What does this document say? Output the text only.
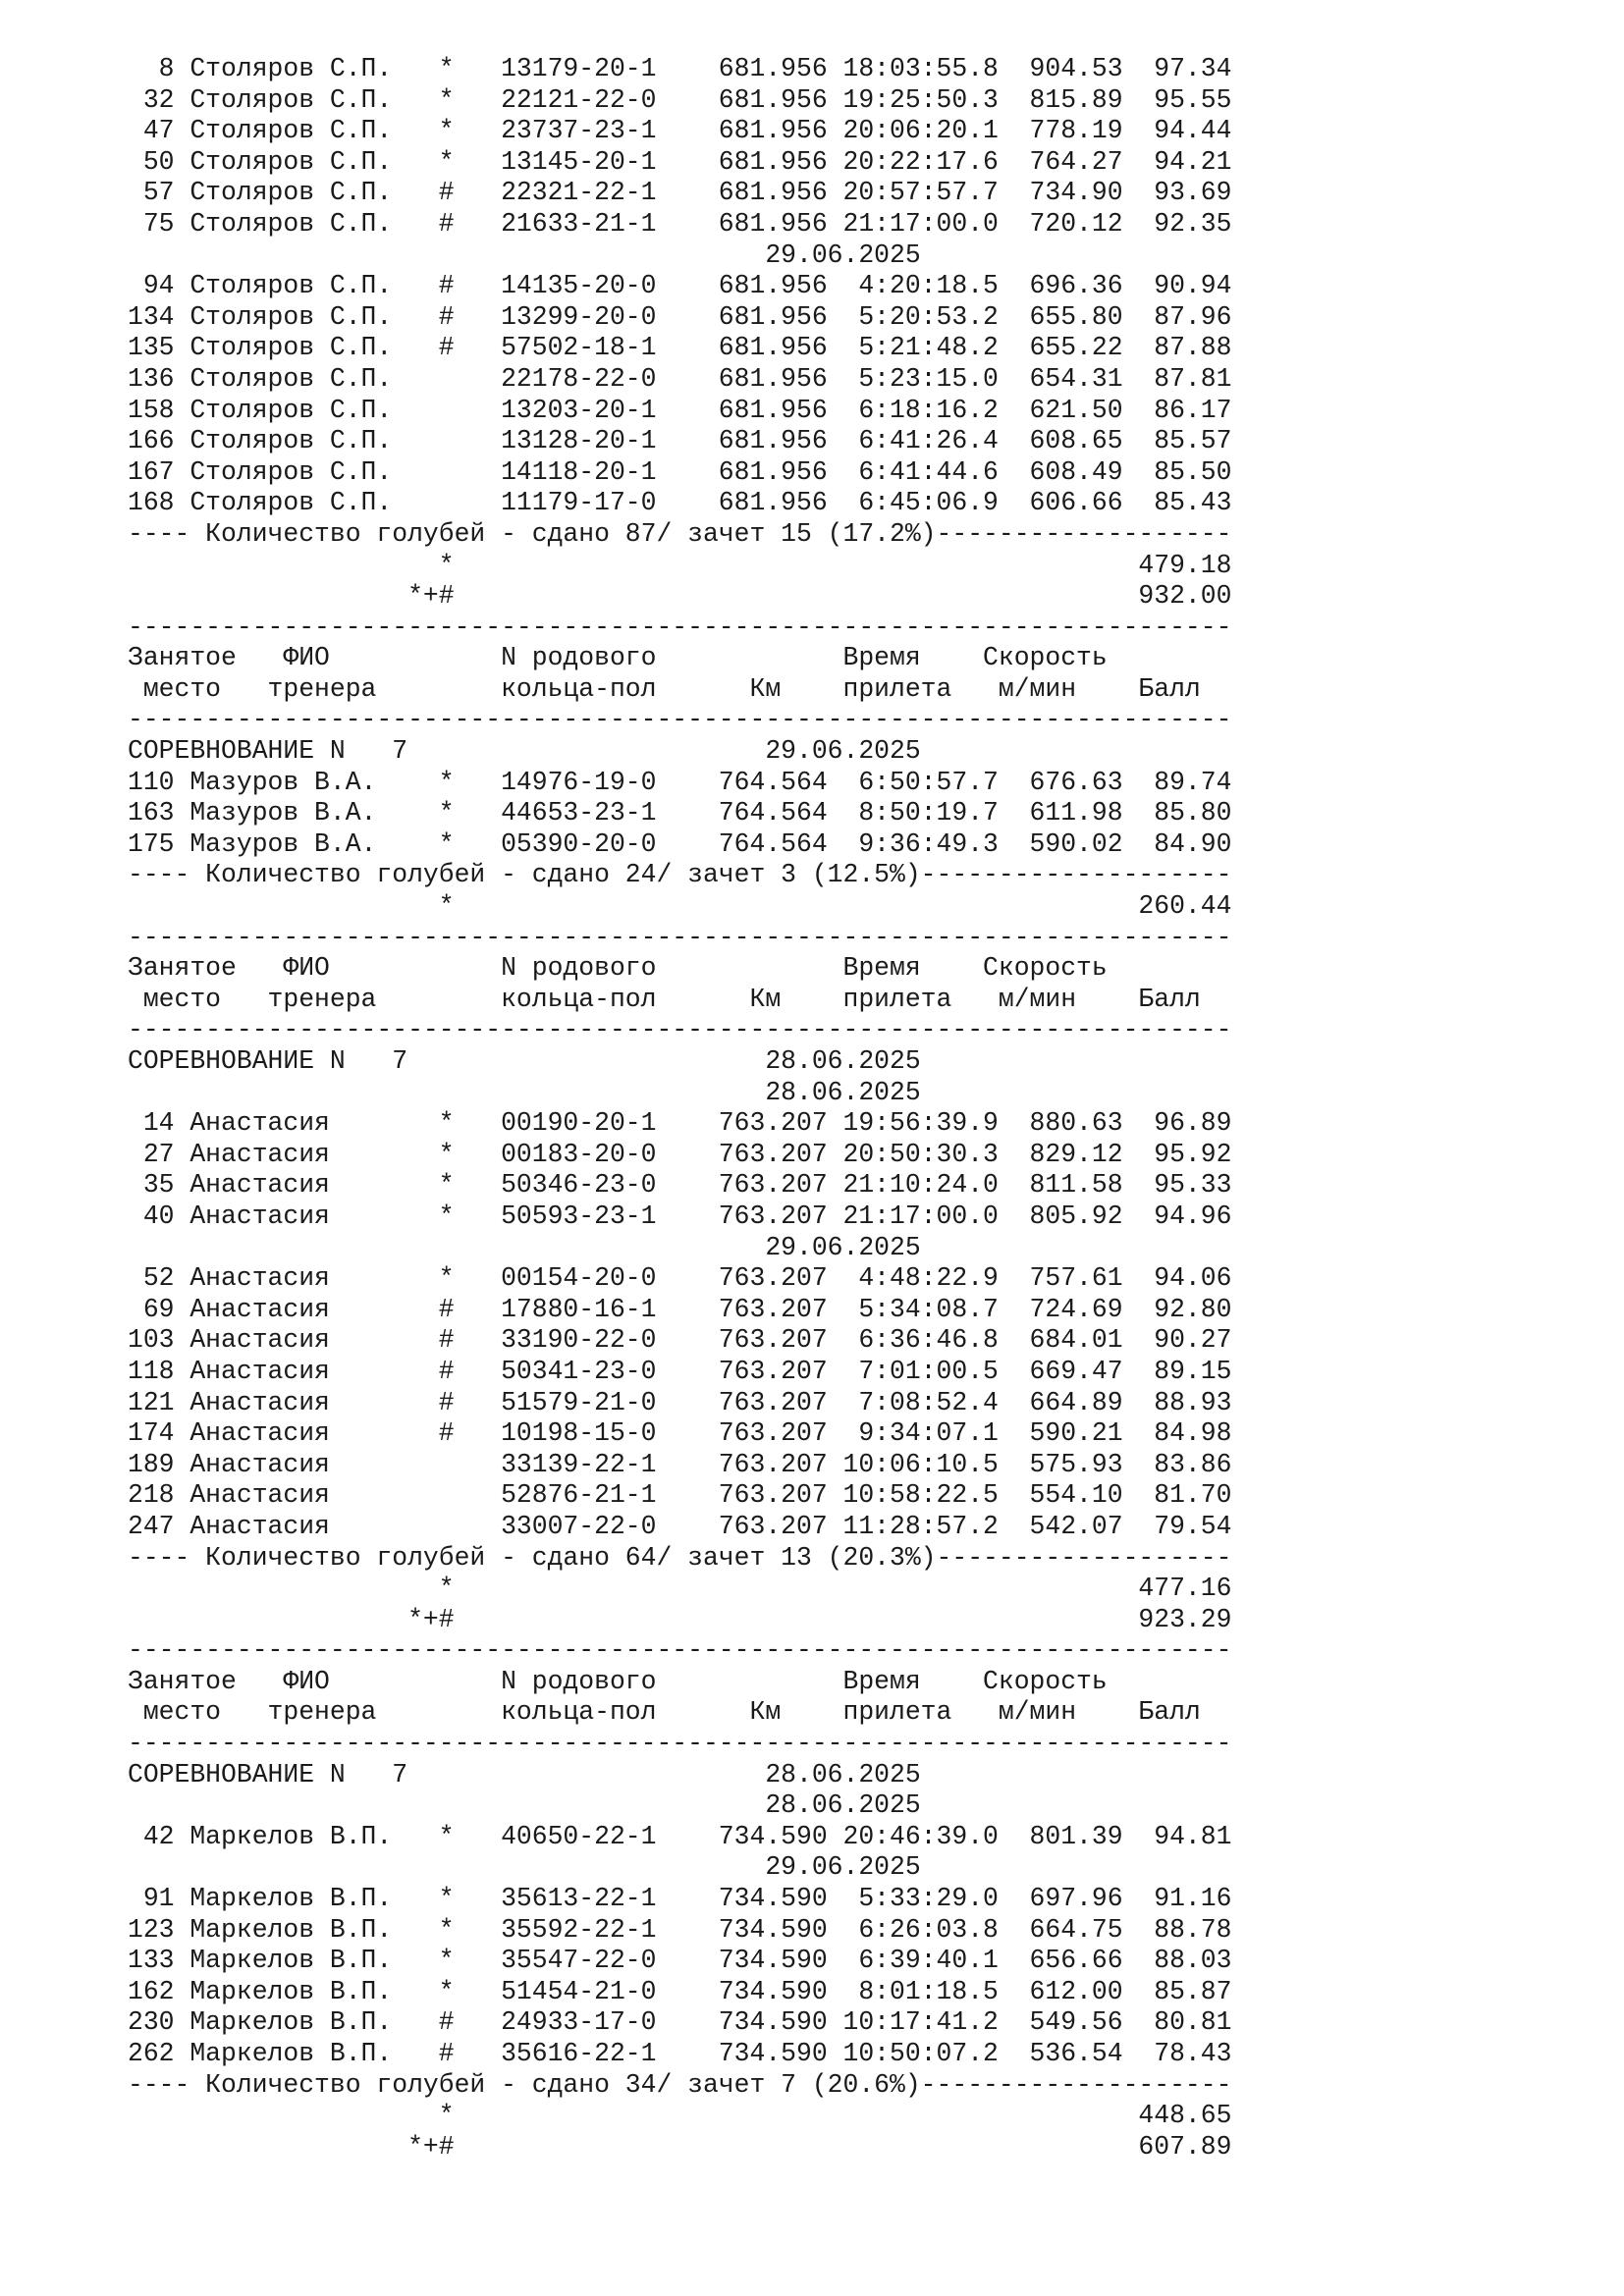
8 Столяров С.П.   *   13179-20-1    681.956 18:03:55.8  904.53  97.34
32 Столяров С.П.   *   22121-22-0    681.956 19:25:50.3  815.89  95.55
47 Столяров С.П.   *   23737-23-1    681.956 20:06:20.1  778.19  94.44
50 Столяров С.П.   *   13145-20-1    681.956 20:22:17.6  764.27  94.21
57 Столяров С.П.   #   22321-22-1    681.956 20:57:57.7  734.90  93.69
75 Столяров С.П.   #   21633-21-1    681.956 21:17:00.0  720.12  92.35
29.06.2025
94 Столяров С.П.   #   14135-20-0    681.956  4:20:18.5  696.36  90.94
134 Столяров С.П.   #   13299-20-0    681.956  5:20:53.2  655.80  87.96
135 Столяров С.П.   #   57502-18-1    681.956  5:21:48.2  655.22  87.88
136 Столяров С.П.       22178-22-0    681.956  5:23:15.0  654.31  87.81
158 Столяров С.П.       13203-20-1    681.956  6:18:16.2  621.50  86.17
166 Столяров С.П.       13128-20-1    681.956  6:41:26.4  608.65  85.57
167 Столяров С.П.       14118-20-1    681.956  6:41:44.6  608.49  85.50
168 Столяров С.П.       11179-17-0    681.956  6:45:06.9  606.66  85.43
---- Количество голубей - сдано 87/ зачет 15 (17.2%)-------------------
*                                            479.18
*+#                                            932.00
-----------------------------------------------------------------------
Занятое   ФИО           N родового            Время    Скорость
место   тренера        кольца-пол      Км    прилета   м/мин    Балл
-----------------------------------------------------------------------
СОРЕВНОВАНИЕ N   7                       29.06.2025
110 Мазуров В.А.    *   14976-19-0    764.564  6:50:57.7  676.63  89.74
163 Мазуров В.А.    *   44653-23-1    764.564  8:50:19.7  611.98  85.80
175 Мазуров В.А.    *   05390-20-0    764.564  9:36:49.3  590.02  84.90
---- Количество голубей - сдано 24/ зачет 3 (12.5%)--------------------
*                                            260.44
-----------------------------------------------------------------------
Занятое   ФИО           N родового            Время    Скорость
место   тренера        кольца-пол      Км    прилета   м/мин    Балл
-----------------------------------------------------------------------
СОРЕВНОВАНИЕ N   7                       28.06.2025
28.06.2025
14 Анастасия       *   00190-20-1    763.207 19:56:39.9  880.63  96.89
27 Анастасия       *   00183-20-0    763.207 20:50:30.3  829.12  95.92
35 Анастасия       *   50346-23-0    763.207 21:10:24.0  811.58  95.33
40 Анастасия       *   50593-23-1    763.207 21:17:00.0  805.92  94.96
29.06.2025
52 Анастасия       *   00154-20-0    763.207  4:48:22.9  757.61  94.06
69 Анастасия       #   17880-16-1    763.207  5:34:08.7  724.69  92.80
103 Анастасия       #   33190-22-0    763.207  6:36:46.8  684.01  90.27
118 Анастасия       #   50341-23-0    763.207  7:01:00.5  669.47  89.15
121 Анастасия       #   51579-21-0    763.207  7:08:52.4  664.89  88.93
174 Анастасия       #   10198-15-0    763.207  9:34:07.1  590.21  84.98
189 Анастасия           33139-22-1    763.207 10:06:10.5  575.93  83.86
218 Анастасия           52876-21-1    763.207 10:58:22.5  554.10  81.70
247 Анастасия           33007-22-0    763.207 11:28:57.2  542.07  79.54
---- Количество голубей - сдано 64/ зачет 13 (20.3%)-------------------
*                                            477.16
*+#                                            923.29
-----------------------------------------------------------------------
Занятое   ФИО           N родового            Время    Скорость
место   тренера        кольца-пол      Км    прилета   м/мин    Балл
-----------------------------------------------------------------------
СОРЕВНОВАНИЕ N   7                       28.06.2025
28.06.2025
42 Маркелов В.П.   *   40650-22-1    734.590 20:46:39.0  801.39  94.81
29.06.2025
91 Маркелов В.П.   *   35613-22-1    734.590  5:33:29.0  697.96  91.16
123 Маркелов В.П.   *   35592-22-1    734.590  6:26:03.8  664.75  88.78
133 Маркелов В.П.   *   35547-22-0    734.590  6:39:40.1  656.66  88.03
162 Маркелов В.П.   *   51454-21-0    734.590  8:01:18.5  612.00  85.87
230 Маркелов В.П.   #   24933-17-0    734.590 10:17:41.2  549.56  80.81
262 Маркелов В.П.   #   35616-22-1    734.590 10:50:07.2  536.54  78.43
---- Количество голубей - сдано 34/ зачет 7 (20.6%)--------------------
*                                            448.65
*+#                                            607.89
